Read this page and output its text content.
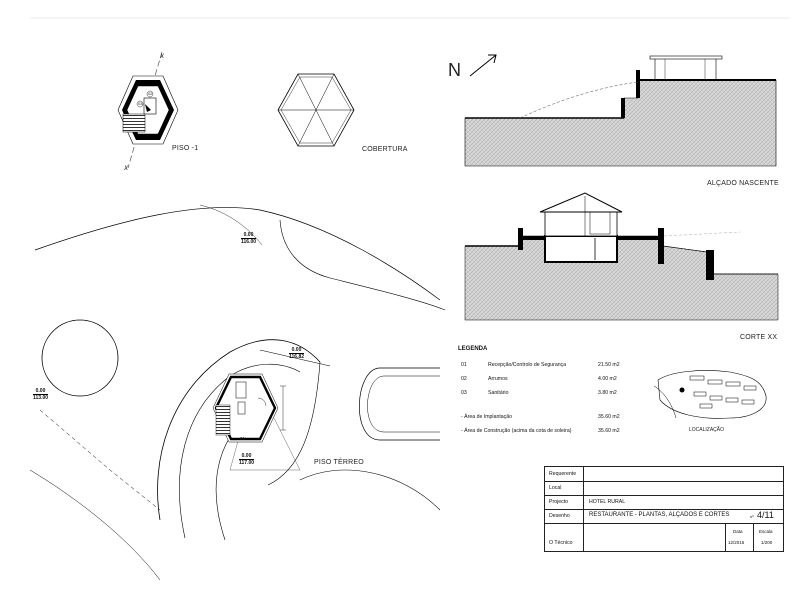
X
X
PISO -1	COBERTURA
ALÇADO NASCENTE
CORTE XX
PISO TÉRREO
LOCALIZAÇÃO
N
0.00
116.00
0.00
116.82
0.00
113.00
0.00
117.00
01
02
03
LEGENDA
01	Recepção/Controlo de Segurança	21.50 m2
02	Arrumos	4.00 m2
03	Sanitário	3.80 m2
- Área de Implantação	35.60 m2
- Área de Construção (acima da cota de soleira)	35.60 m2
Requerente
Local
Projecto	HOTEL RURAL
Desenho	RESTAURANTE - PLANTAS, ALÇADOS E CORTES	nº 4/11
O Técnico
Data
12/2016
Escala
1/200
